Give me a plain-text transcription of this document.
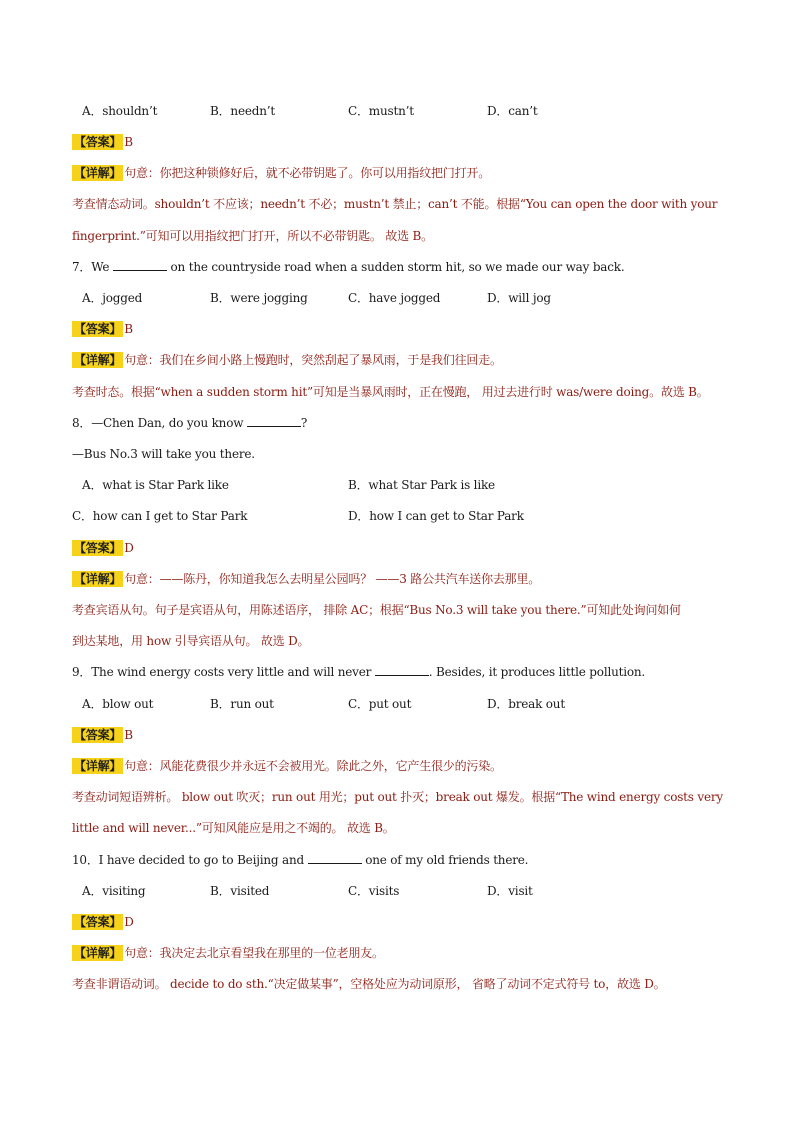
A．shouldn’t	B．needn’t	C．mustn’t	D．can’t
【答案】 B
【详解】 句意：你把这种锁修好后，就不必带钥匙了。你可以用指纹把门打开。
考查情态动词。shouldn’t 不应该；needn’t 不必；mustn’t 禁止；can’t 不能。根据“You can open the door with your
fingerprint.”可知可以用指纹把门打开，所以不必带钥匙。 故选 B。
7．We	on the countryside road when a sudden storm hit, so we made our way back.
A．jogged	B．were jogging	C．have jogged	D．will jog
【答案】 B
【详解】 句意：我们在乡间小路上慢跑时，突然刮起了暴风雨，于是我们往回走。
考查时态。根据“when a sudden storm hit”可知是当暴风雨时，正在慢跑， 用过去进行时 was/were doing。故选 B。
8．—Chen Dan, do you know	?
—Bus No.3 will take you there.
A．what is Star Park like	B．what Star Park is like
C．how can I get to Star Park	D．how I can get to Star Park
【答案】 D
【详解】 句意：——陈丹，你知道我怎么去明星公园吗？ ——3 路公共汽车送你去那里。
考查宾语从句。句子是宾语从句，用陈述语序， 排除 AC；根据“Bus No.3 will take you there.”可知此处询问如何
到达某地，用 how 引导宾语从句。 故选 D。
9．The wind energy costs very little and will never	. Besides, it produces little pollution.
A．blow out	B．run out	C．put out	D．break out
【答案】 B
【详解】 句意：风能花费很少并永远不会被用光。除此之外，它产生很少的污染。
考查动词短语辨析。 blow out 吹灭；run out 用光；put out 扑灭；break out 爆发。根据“The wind energy costs very
little and will never...”可知风能应是用之不竭的。 故选 B。
10．I have decided to go to Beijing and	one of my old friends there.
A．visiting	B．visited	C．visits	D．visit
【答案】 D
【详解】 句意：我决定去北京看望我在那里的一位老朋友。
考查非谓语动词。 decide to do sth.“决定做某事”，空格处应为动词原形， 省略了动词不定式符号 to，故选 D。
